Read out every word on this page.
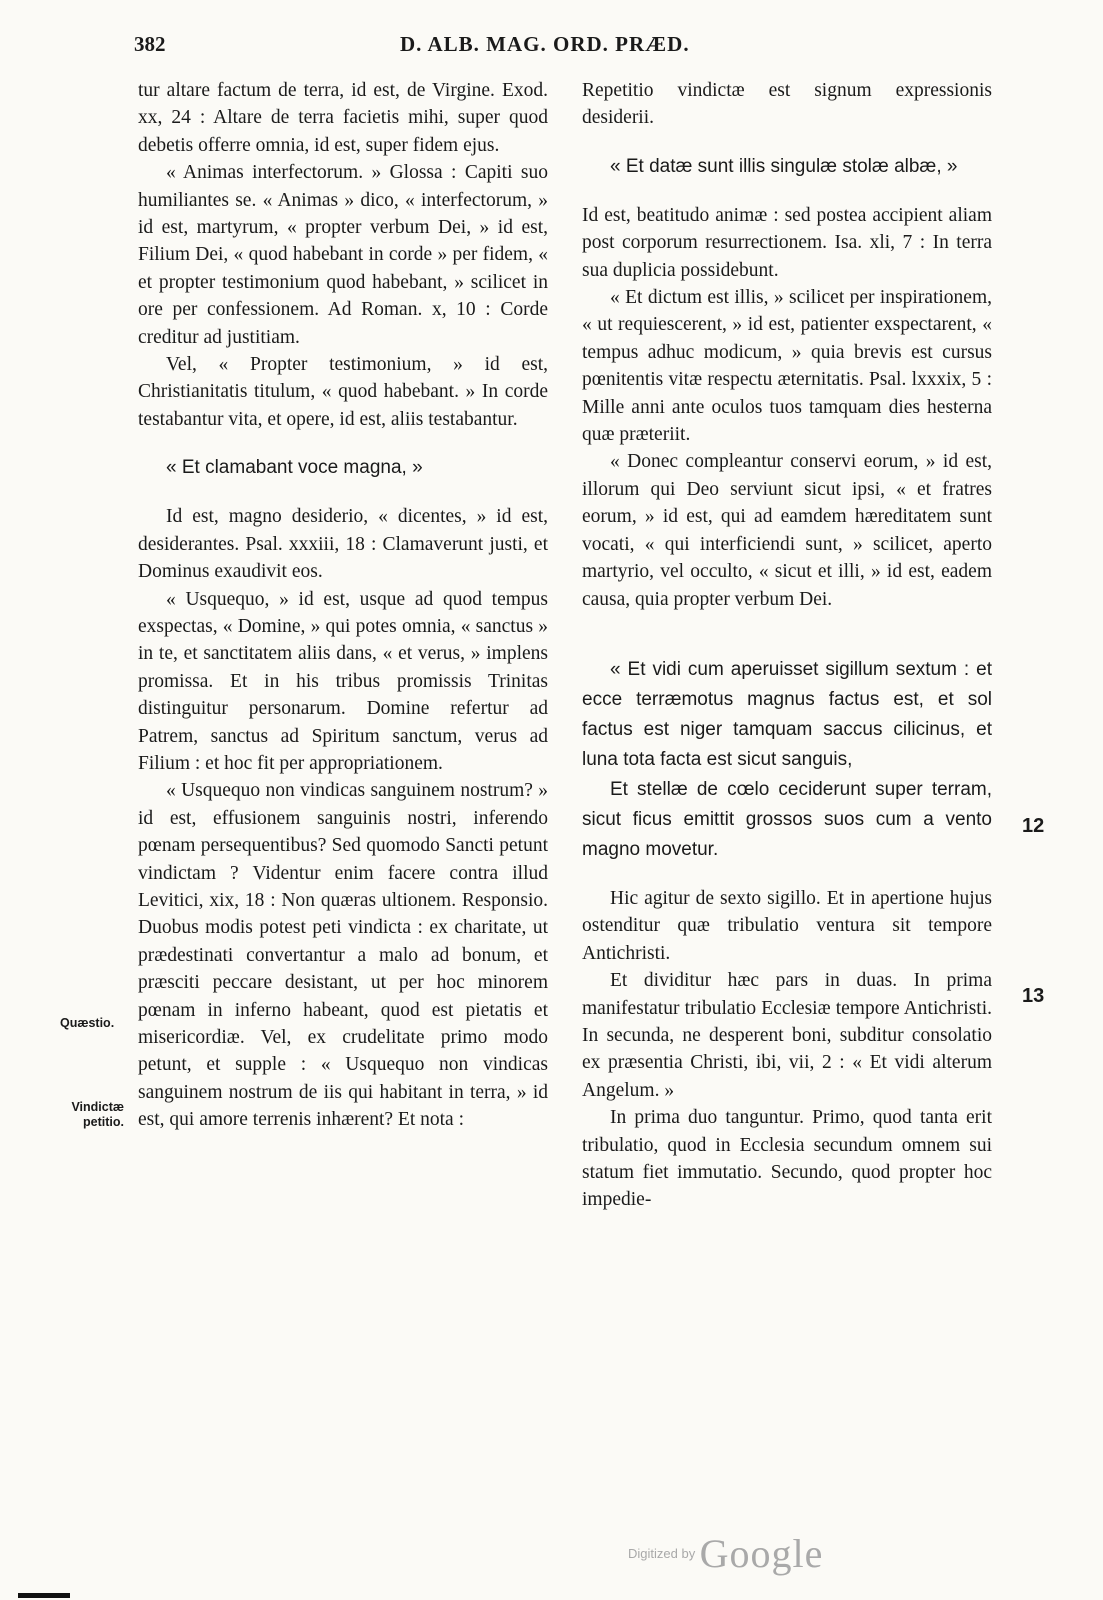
382	D. ALB. MAG. ORD. PRÆD.

tur altare factum de terra, id est, de Virgine. Exod. xx, 24 : Altare de terra facietis mihi, super quod debetis offerre omnia, id est, super fidem ejus.

« Animas interfectorum. » Glossa : Capiti suo humiliantes se. « Animas » dico, « interfectorum, » id est, martyrum, « propter verbum Dei, » id est, Filium Dei, « quod habebant in corde » per fidem, « et propter testimonium quod habebant, » scilicet in ore per confessionem. Ad Roman. x, 10 : Corde creditur ad justitiam.

Vel, « Propter testimonium, » id est, Christianitatis titulum, « quod habebant. » In corde testabantur vita, et opere, id est, aliis testabantur.

« Et clamabant voce magna, »

Id est, magno desiderio, « dicentes, » id est, desiderantes. Psal. xxxiii, 18 : Clamaverunt justi, et Dominus exaudivit eos.

« Usquequo, » id est, usque ad quod tempus exspectas, « Domine, » qui potes omnia, « sanctus » in te, et sanctitatem aliis dans, « et verus, » implens promissa. Et in his tribus promissis Trinitas distinguitur personarum. Domine refertur ad Patrem, sanctus ad Spiritum sanctum, verus ad Filium : et hoc fit per appropriationem.

« Usquequo non vindicas sanguinem nostrum? » id est, effusionem sanguinis nostri, inferendo pœnam persequentibus? Sed quomodo Sancti petunt vindictam ? Videntur enim facere contra illud Levitici, xix, 18 : Non quæras ultionem. Responsio. Duobus modis potest peti vindicta : ex charitate, ut prædestinati convertantur a malo ad bonum, et præsciti peccare desistant, ut per hoc minorem pœnam in inferno habeant, quod est pietatis et misericordiæ. Vel, ex crudelitate primo modo petunt, et supple : « Usquequo non vindicas sanguinem nostrum de iis qui habitant in terra, » id est, qui amore terrenis inhærent? Et nota :

Quæstio.
Vindictæ petitio.

Repetitio vindictæ est signum expressionis desiderii.

« Et datæ sunt illis singulæ stolæ albæ, »

Id est, beatitudo animæ : sed postea accipient aliam post corporum resurrectionem. Isa. xli, 7 : In terra sua duplicia possidebunt.

« Et dictum est illis, » scilicet per inspirationem, « ut requiescerent, » id est, patienter exspectarent, « tempus adhuc modicum, » quia brevis est cursus pœnitentis vitæ respectu æternitatis. Psal. lxxxix, 5 : Mille anni ante oculos tuos tamquam dies hesterna quæ præteriit.

« Donec compleantur conservi eorum, » id est, illorum qui Deo serviunt sicut ipsi, « et fratres eorum, » id est, qui ad eamdem hæreditatem sunt vocati, « qui interficiendi sunt, » scilicet, aperto martyrio, vel occulto, « sicut et illi, » id est, eadem causa, quia propter verbum Dei.

« Et vidi cum aperuisset sigillum sextum : et ecce terræmotus magnus factus est, et sol factus est niger tamquam saccus cilicinus, et luna tota facta est sicut sanguis,

Et stellæ de cœlo ceciderunt super terram, sicut ficus emittit grossos suos cum a vento magno movetur.

Hic agitur de sexto sigillo. Et in apertione hujus ostenditur quæ tribulatio ventura sit tempore Antichristi.

Et dividitur hæc pars in duas. In prima manifestatur tribulatio Ecclesiæ tempore Antichristi. In secunda, ne desperent boni, subditur consolatio ex præsentia Christi, ibi, vii, 2 : « Et vidi alterum Angelum. »

In prima duo tanguntur. Primo, quod tanta erit tribulatio, quod in Ecclesia secundum omnem sui statum fiet immutatio. Secundo, quod propter hoc impedie-

12
13
Digitized by Google
